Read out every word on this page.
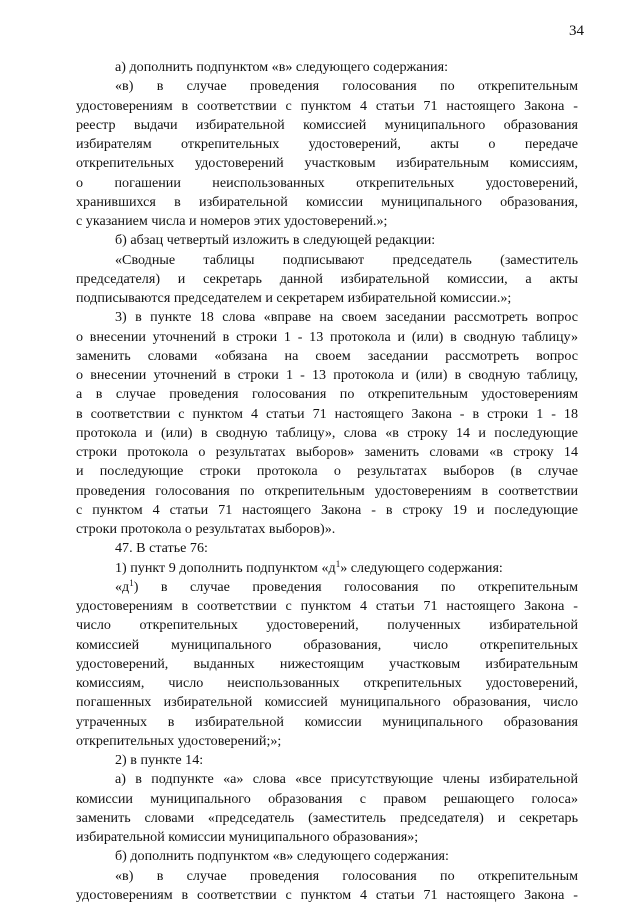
34
а) дополнить подпунктом «в» следующего содержания:
«в) в случае проведения голосования по открепительным
удостоверениям в соответствии с пунктом 4 статьи 71 настоящего Закона -
реестр выдачи избирательной комиссией муниципального образования
избирателям открепительных удостоверений, акты о передаче
открепительных удостоверений участковым избирательным комиссиям,
о погашении неиспользованных открепительных удостоверений,
хранившихся в избирательной комиссии муниципального образования,
с указанием числа и номеров этих удостоверений.»;
б) абзац четвертый изложить в следующей редакции:
«Сводные таблицы подписывают председатель (заместитель
председателя) и секретарь данной избирательной комиссии, а акты
подписываются председателем и секретарем избирательной комиссии.»;
3) в пункте 18 слова «вправе на своем заседании рассмотреть вопрос
о внесении уточнений в строки 1 - 13 протокола и (или) в сводную таблицу»
заменить словами «обязана на своем заседании рассмотреть вопрос
о внесении уточнений в строки 1 - 13 протокола и (или) в сводную таблицу,
а в случае проведения голосования по открепительным удостоверениям
в соответствии с пунктом 4 статьи 71 настоящего Закона - в строки 1 - 18
протокола и (или) в сводную таблицу», слова «в строку 14 и последующие
строки протокола о результатах выборов» заменить словами «в строку 14
и последующие строки протокола о результатах выборов (в случае
проведения голосования по открепительным удостоверениям в соответствии
с пунктом 4 статьи 71 настоящего Закона - в строку 19 и последующие
строки протокола о результатах выборов)».
47. В статье 76:
1) пункт 9 дополнить подпунктом «$д^1$» следующего содержания:
«$д^1$) в случае проведения голосования по открепительным
удостоверениям в соответствии с пунктом 4 статьи 71 настоящего Закона -
число открепительных удостоверений, полученных избирательной
комиссией муниципального образования, число открепительных
удостоверений, выданных нижестоящим участковым избирательным
комиссиям, число неиспользованных открепительных удостоверений,
погашенных избирательной комиссией муниципального образования, число
утраченных в избирательной комиссии муниципального образования
открепительных удостоверений;»;
2) в пункте 14:
а) в подпункте «а» слова «все присутствующие члены избирательной
комиссии муниципального образования с правом решающего голоса»
заменить словами «председатель (заместитель председателя) и секретарь
избирательной комиссии муниципального образования»;
б) дополнить подпунктом «в» следующего содержания:
«в) в случае проведения голосования по открепительным
удостоверениям в соответствии с пунктом 4 статьи 71 настоящего Закона -
